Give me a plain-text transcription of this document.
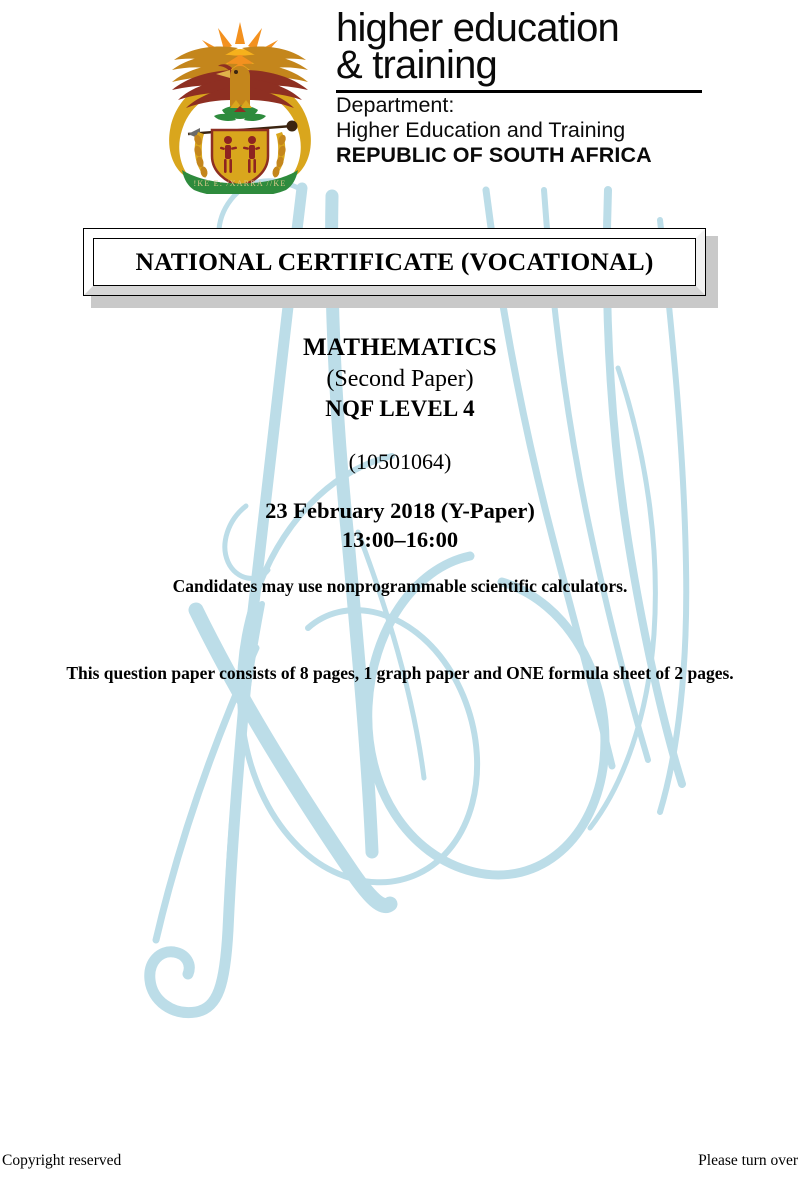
!KE E: /XARRA //KE
higher education
& training
Department:
Higher Education and Training
REPUBLIC OF SOUTH AFRICA
NATIONAL CERTIFICATE (VOCATIONAL)
MATHEMATICS
(Second Paper)
NQF LEVEL 4
(10501064)
23 February 2018 (Y-Paper)
13:00–16:00
Candidates may use nonprogrammable scientific calculators.
This question paper consists of 8 pages, 1 graph paper and ONE formula sheet of 2 pages.
Copyright reserved	Please turn over
